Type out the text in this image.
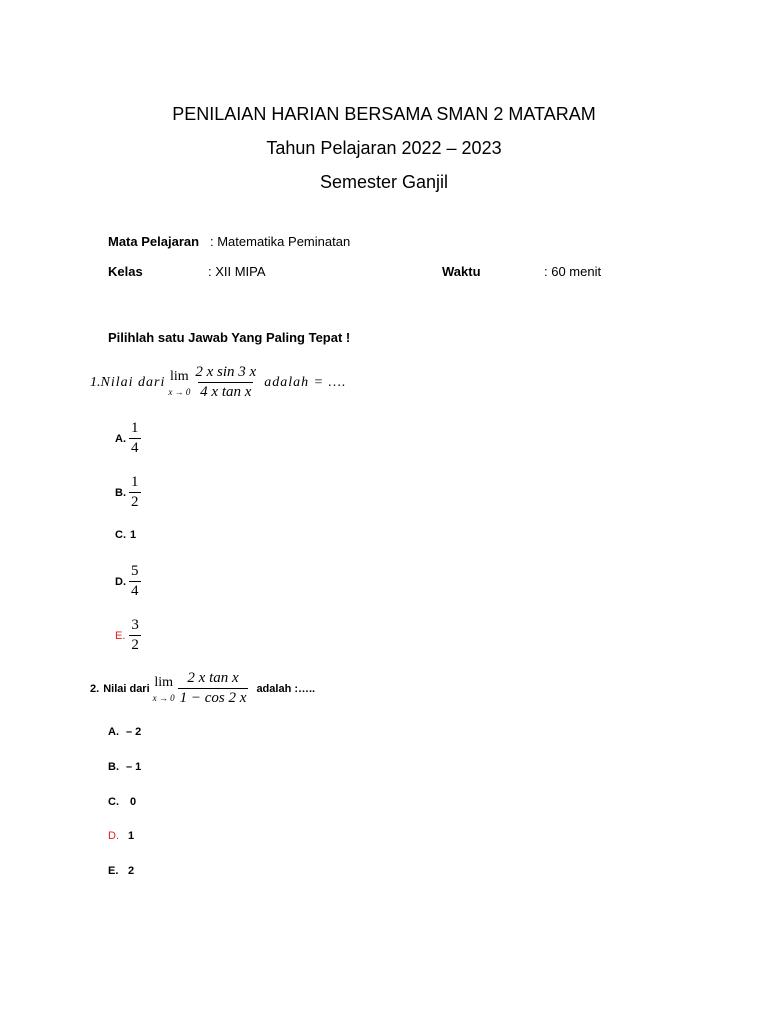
PENILAIAN HARIAN BERSAMA SMAN 2 MATARAM
Tahun Pelajaran 2022 – 2023
Semester Ganjil
Mata Pelajaran : Matematika Peminatan
Kelas	: XII MIPA	Waktu	: 60 menit
Pilihlah satu Jawab Yang Paling Tepat !
1. Nilai dari lim
$x \to 0 \frac{\text{2 x sin 3 x}}{\text{4 x tan x}}$ adalah = ….
A. $\frac{1}{4}$
B. $\frac{1}{2}$
C. 1
D. $\frac{5}{4}$
E. $\frac{3}{2}$
2. Nilai dari lim
$x \to 0 \frac{\text{2 x tan x}}{1 - \cos 2 x}$ adalah :…..
A. – 2
B. – 1
C.	0
D. 1
E. 2
